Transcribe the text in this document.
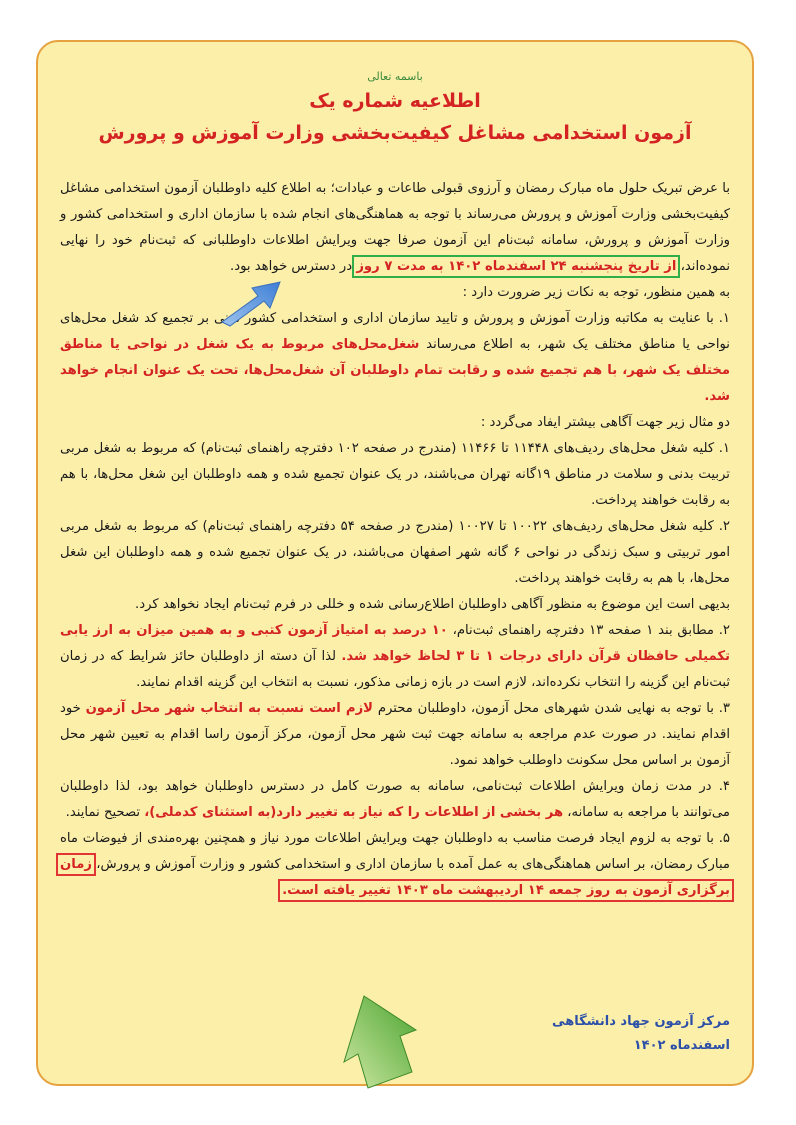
باسمه تعالی
اطلاعیه شماره یک
آزمون استخدامی مشاغل کیفیت‌بخشی وزارت آموزش و پرورش

با عرض تبریک حلول ماه مبارک رمضان و آرزوی قبولی طاعات و عبادات؛ به اطلاع کلیه داوطلبان آزمون استخدامی مشاغل کیفیت‌بخشی وزارت آموزش و پرورش می‌رساند با توجه به هماهنگی‌های انجام شده با سازمان اداری و استخدامی کشور و وزارت آموزش و پرورش، سامانه ثبت‌نام این آزمون صرفا جهت ویرایش اطلاعات داوطلبانی که ثبت‌نام خود را نهایی نموده‌اند، از تاریخ پنجشنبه ۲۴ اسفندماه ۱۴۰۲ به مدت ۷ روز در دسترس خواهد بود.

به همین منظور، توجه به نکات زیر ضرورت دارد :

۱. با عنایت به مکاتبه وزارت آموزش و پرورش و تایید سازمان اداری و استخدامی کشور مبنی بر تجمیع کد شغل محل‌های نواحی یا مناطق مختلف یک شهر، به اطلاع می‌رساند شغل‌محل‌های مربوط به یک شغل در نواحی یا مناطق مختلف یک شهر، با هم تجمیع شده و رقابت تمام داوطلبان آن شغل‌محل‌ها، تحت یک عنوان انجام خواهد شد.

دو مثال زیر جهت آگاهی بیشتر ایفاد می‌گردد :

۱. کلیه شغل محل‌های ردیف‌های ۱۱۴۴۸ تا ۱۱۴۶۶ (مندرج در صفحه ۱۰۲ دفترچه راهنمای ثبت‌نام) که مربوط به شغل مربی تربیت بدنی و سلامت در مناطق ۱۹گانه تهران می‌باشند، در یک عنوان تجمیع شده و همه داوطلبان این شغل محل‌ها، با هم به رقابت خواهند پرداخت.

۲. کلیه شغل محل‌های ردیف‌های ۱۰۰۲۲ تا ۱۰۰۲۷ (مندرج در صفحه ۵۴ دفترچه راهنمای ثبت‌نام) که مربوط به شغل مربی امور تربیتی و سبک زندگی در نواحی ۶ گانه شهر اصفهان می‌باشند، در یک عنوان تجمیع شده و همه داوطلبان این شغل محل‌ها، با هم به رقابت خواهند پرداخت.

بدیهی است این موضوع به منظور آگاهی داوطلبان اطلاع‌رسانی شده و خللی در فرم ثبت‌نام ایجاد نخواهد کرد.

۲. مطابق بند ۱ صفحه ۱۳ دفترچه راهنمای ثبت‌نام، ۱۰ درصد به امتیاز آزمون کتبی و به همین میزان به ارز یابی تکمیلی حافظان قرآن دارای درجات ۱ تا ۳ لحاظ خواهد شد. لذا آن دسته از داوطلبان حائز شرایط که در زمان ثبت‌نام این گزینه را انتخاب نکرده‌اند، لازم است در بازه زمانی مذکور، نسبت به انتخاب این گزینه اقدام نمایند.

۳. با توجه به نهایی شدن شهرهای محل آزمون، داوطلبان محترم لازم است نسبت به انتخاب شهر محل آزمون خود اقدام نمایند. در صورت عدم مراجعه به سامانه جهت ثبت شهر محل آزمون، مرکز آزمون راسا اقدام به تعیین شهر محل آزمون بر اساس محل سکونت داوطلب خواهد نمود.

۴. در مدت زمان ویرایش اطلاعات ثبت‌نامی، سامانه به صورت کامل در دسترس داوطلبان خواهد بود، لذا داوطلبان می‌توانند با مراجعه به سامانه، هر بخشی از اطلاعات را که نیاز به تغییر دارد(به استثنای کدملی)، تصحیح نمایند.

۵. با توجه به لزوم ایجاد فرصت مناسب به داوطلبان جهت ویرایش اطلاعات مورد نیاز و همچنین بهره‌مندی از فیوضات ماه مبارک رمضان، بر اساس هماهنگی‌های به عمل آمده با سازمان اداری و استخدامی کشور و وزارت آموزش و پرورش، زمان برگزاری آزمون به روز جمعه ۱۴ اردیبهشت ماه ۱۴۰۳ تغییر یافته است.

مرکز آزمون جهاد دانشگاهی
اسفندماه ۱۴۰۲
